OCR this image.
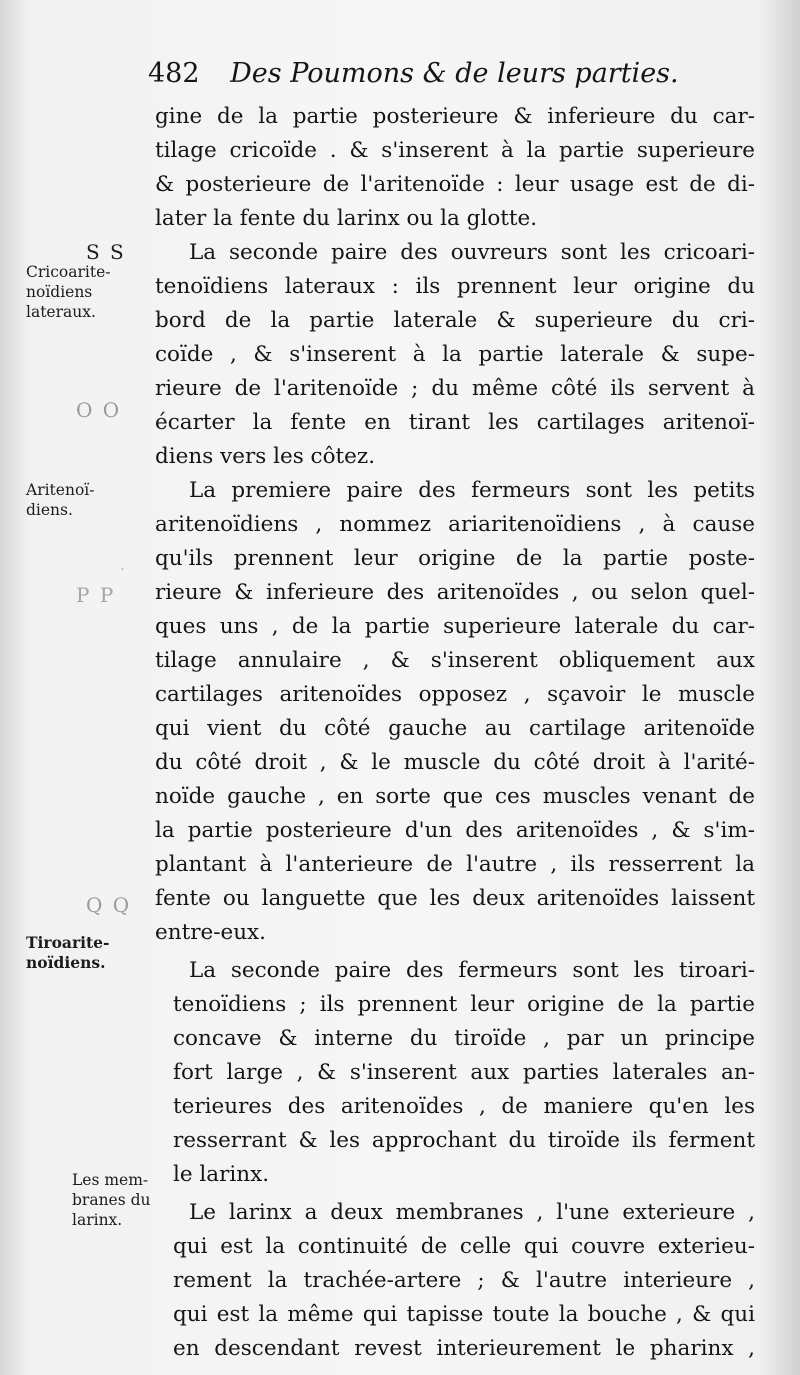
482 Des Poumons & de leurs parties.
·
S S
Cricoarite-
noïdiens
lateraux.
O O
Aritenoï-
diens.
P P
Q Q
Tiroarite-
noïdiens.
Les mem-
branes du
larinx.
gine de la partie posterieure & inferieure du car-
tilage cricoïde . & s'inserent à la partie superieure
& posterieure de l'aritenoïde : leur usage est de di-
later la fente du larinx ou la glotte.
La seconde paire des ouvreurs sont les cricoari-
tenoïdiens lateraux : ils prennent leur origine du
bord de la partie laterale & superieure du cri-
coïde , & s'inserent à la partie laterale & supe-
rieure de l'aritenoïde ; du même côté ils servent à
écarter la fente en tirant les cartilages aritenoï-
diens vers les côtez.
La premiere paire des fermeurs sont les petits
aritenoïdiens , nommez ariaritenoïdiens , à cause
qu'ils prennent leur origine de la partie poste-
rieure & inferieure des aritenoïdes , ou selon quel-
ques uns , de la partie superieure laterale du car-
tilage annulaire , & s'inserent obliquement aux
cartilages aritenoïdes opposez , sçavoir le muscle
qui vient du côté gauche au cartilage aritenoïde
du côté droit , & le muscle du côté droit à l'arité-
noïde gauche , en sorte que ces muscles venant de
la partie posterieure d'un des aritenoïdes , & s'im-
plantant à l'anterieure de l'autre , ils resserrent la
fente ou languette que les deux aritenoïdes laissent
entre-eux.
La seconde paire des fermeurs sont les tiroari-
tenoïdiens ; ils prennent leur origine de la partie
concave & interne du tiroïde , par un principe
fort large , & s'inserent aux parties laterales an-
terieures des aritenoïdes , de maniere qu'en les
resserrant & les approchant du tiroïde ils ferment
le larinx.
Le larinx a deux membranes , l'une exterieure ,
qui est la continuité de celle qui couvre exterieu-
rement la trachée-artere ; & l'autre interieure ,
qui est la même qui tapisse toute la bouche , & qui
en descendant revest interieurement le pharinx ,
